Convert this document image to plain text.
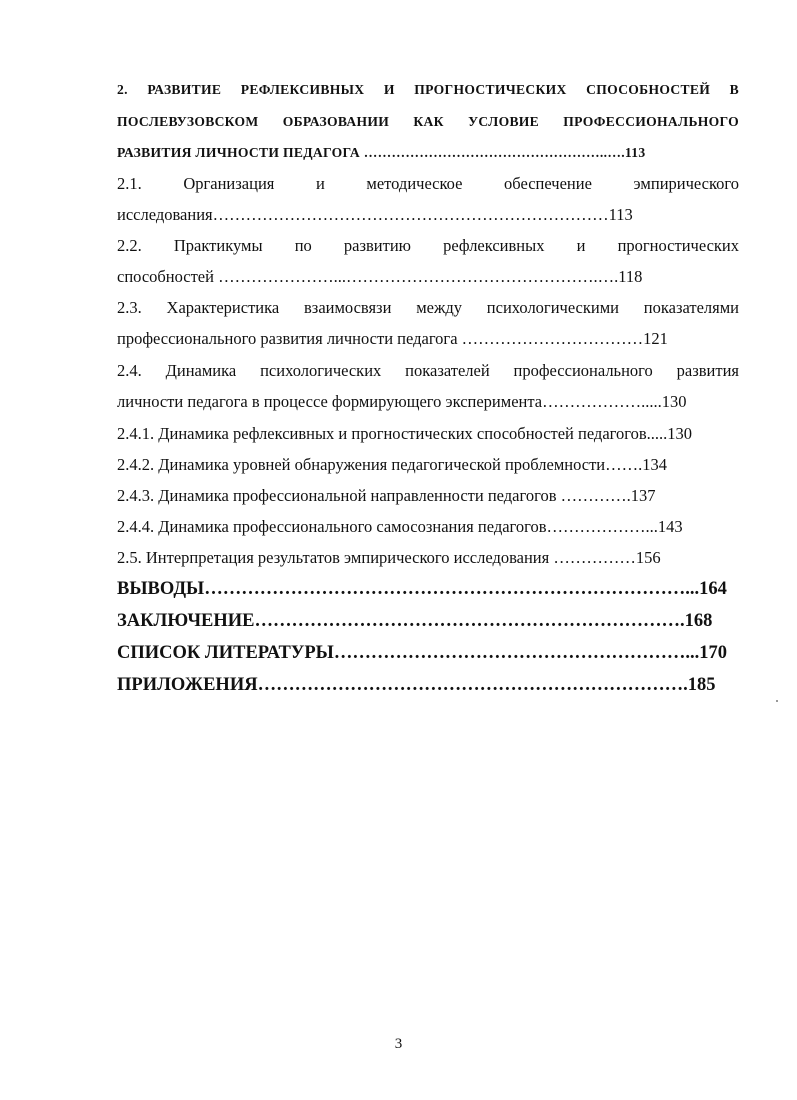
2. РАЗВИТИЕ РЕФЛЕКСИВНЫХ И ПРОГНОСТИЧЕСКИХ СПОСОБНОСТЕЙ В

ПОСЛЕВУЗОВСКОМ ОБРАЗОВАНИИ КАК УСЛОВИЕ ПРОФЕССИОНАЛЬНОГО

РАЗВИТИЯ ЛИЧНОСТИ ПЕДАГОГА ……………………………………………..….113

2.1. Организация и методическое обеспечение эмпирического

исследования………………………………………………………………113

2.2. Практикумы по развитию рефлексивных и прогностических

способностей …………………...……………………………………….….118

2.3. Характеристика взаимосвязи между психологическими показателями

профессионального развития личности педагога ……………………………121

2.4. Динамика психологических показателей профессионального развития

личности педагога в процессе формирующего эксперимента……………….....130

2.4.1. Динамика рефлексивных и прогностических способностей педагогов.....130

2.4.2. Динамика уровней обнаружения педагогической проблемности…….134

2.4.3. Динамика профессиональной направленности педагогов ………….137

2.4.4. Динамика профессионального самосознания педагогов………………...143

2.5. Интерпретация результатов эмпирического исследования ……………156

ВЫВОДЫ……………………………………………………………………...164

ЗАКЛЮЧЕНИЕ…………………………………………………………….168

СПИСОК ЛИТЕРАТУРЫ…………………………………………………...170

ПРИЛОЖЕНИЯ…………………………………………………………….185

3
